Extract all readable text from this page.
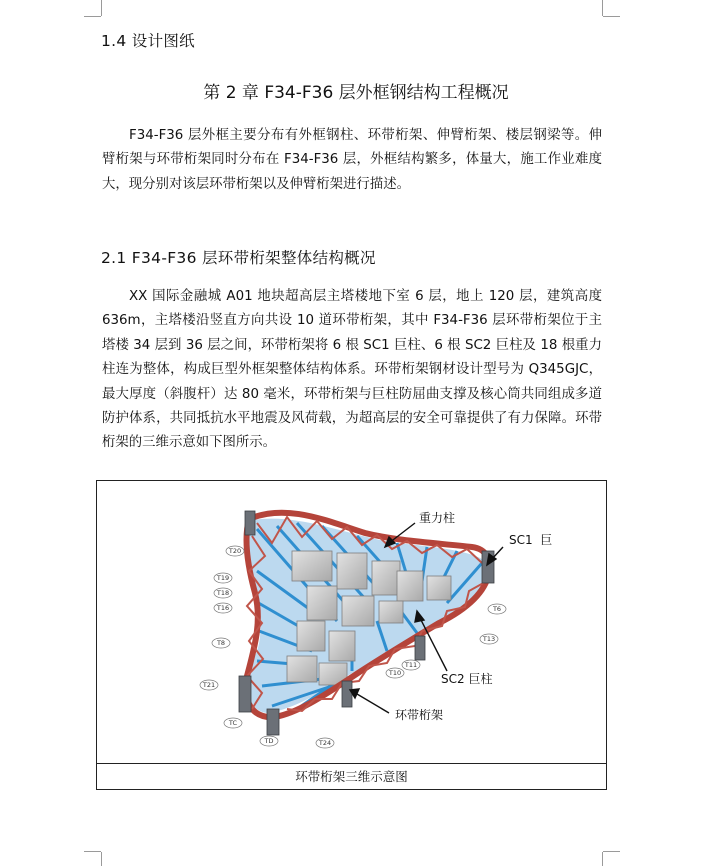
1.4 设计图纸
第 2 章 F34-F36 层外框钢结构工程概况
F34-F36 层外框主要分布有外框钢柱、环带桁架、伸臂桁架、楼层钢梁等。伸臂桁架与环带桁架同时分布在 F34-F36 层，外框结构繁多，体量大，施工作业难度大，现分别对该层环带桁架以及伸臂桁架进行描述。
2.1 F34-F36 层环带桁架整体结构概况
XX 国际金融城 A01 地块超高层主塔楼地下室 6 层，地上 120 层，建筑高度 636m，主塔楼沿竖直方向共设 10 道环带桁架，其中 F34-F36 层环带桁架位于主塔楼 34 层到 36 层之间，环带桁架将 6 根 SC1 巨柱、6 根 SC2 巨柱及 18 根重力柱连为整体，构成巨型外框架整体结构体系。环带桁架钢材设计型号为 Q345GJC，最大厚度（斜腹杆）达 80 毫米，环带桁架与巨柱防屈曲支撑及核心筒共同组成多道防护体系，共同抵抗水平地震及风荷载，为超高层的安全可靠提供了有力保障。环带桁架的三维示意如下图所示。
T20
T19
T18
T16
T8
T21
TC
TD	T24
T10
T11
T13
T6
重力柱
SC1  巨
SC2 巨柱
环带桁架
环带桁架三维示意图
